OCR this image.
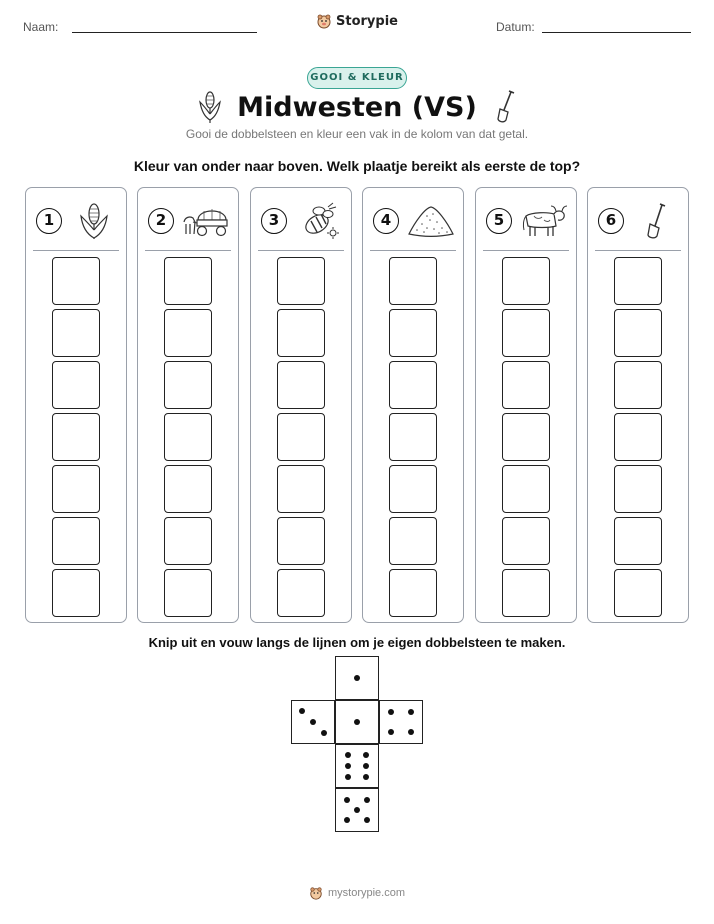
Naam:	Storypie	Datum:
GOOI & KLEUR
Midwesten (VS)
Gooi de dobbelsteen en kleur een vak in de kolom van dat getal.
Kleur van onder naar boven. Welk plaatje bereikt als eerste de top?
1	2	3	4	5	6
Knip uit en vouw langs de lijnen om je eigen dobbelsteen te maken.
mystorypie.com
